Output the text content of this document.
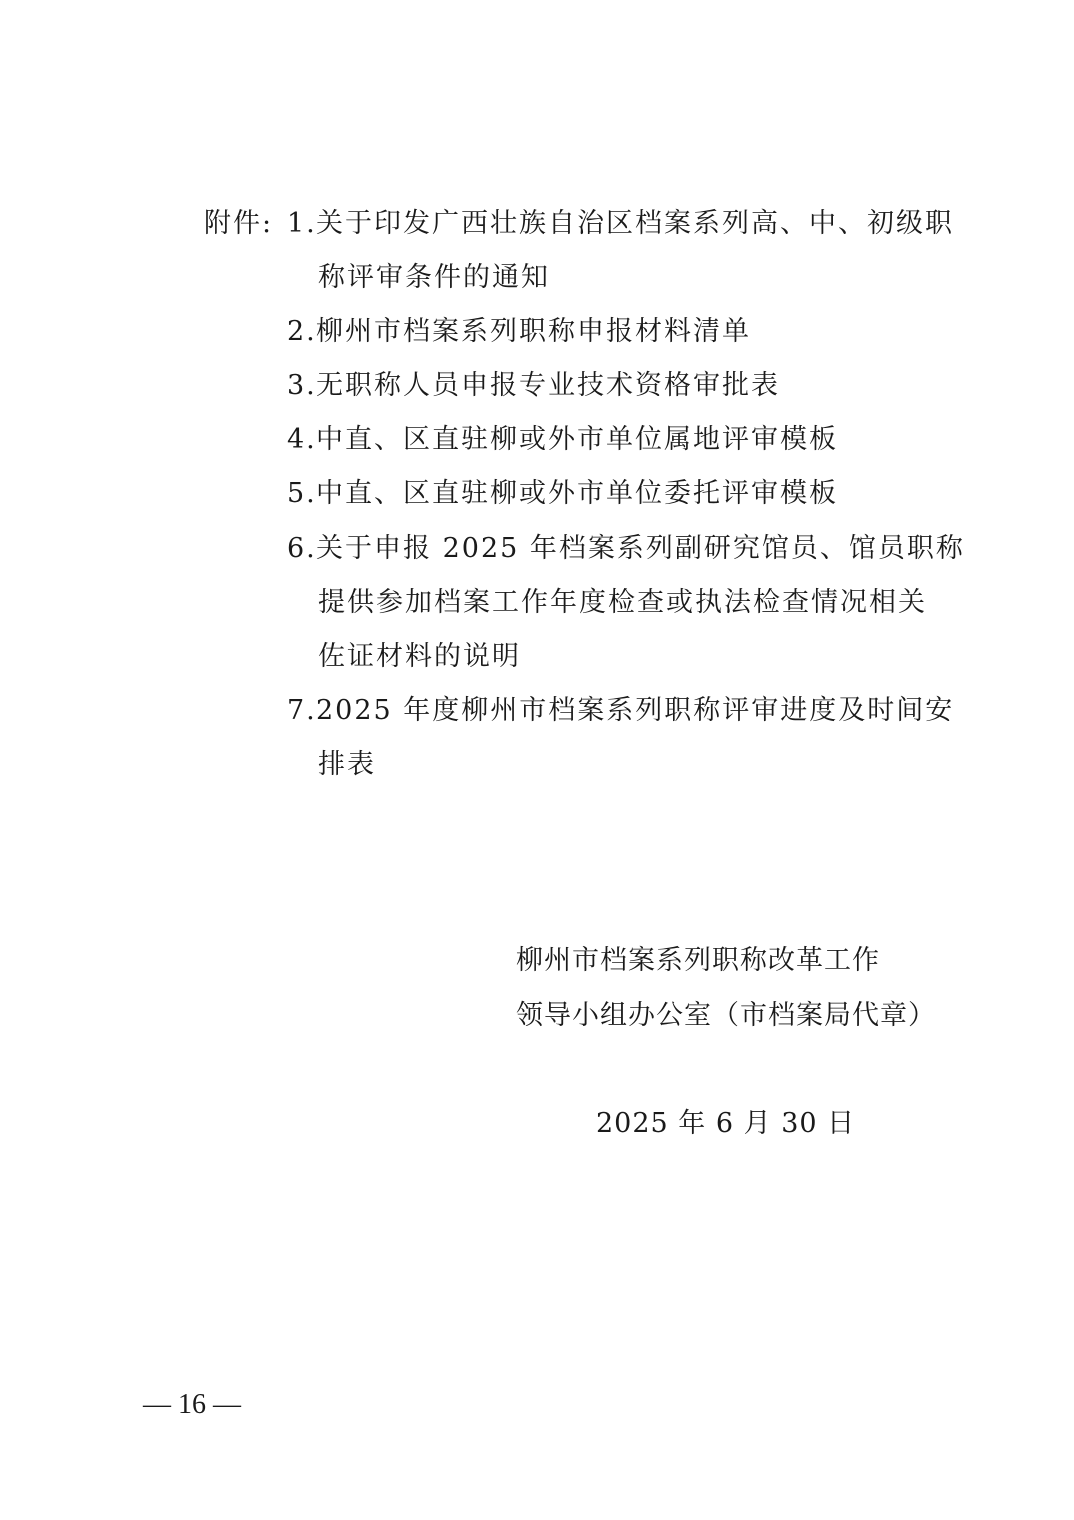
附件: 1. 关于印发广西壮族自治区档案系列高、中、初级职
称评审条件的通知
2. 柳州市档案系列职称申报材料清单
3. 无职称人员申报专业技术资格审批表
4. 中直、区直驻柳或外市单位属地评审模板
5. 中直、区直驻柳或外市单位委托评审模板
6. 关于申报 2025 年档案系列副研究馆员、馆员职称
提供参加档案工作年度检查或执法检查情况相关
佐证材料的说明
7. 2025 年度柳州市档案系列职称评审进度及时间安
排表
柳州市档案系列职称改革工作
领导小组办公室（市档案局代章）
2025 年 6 月 30 日
— 16 —
